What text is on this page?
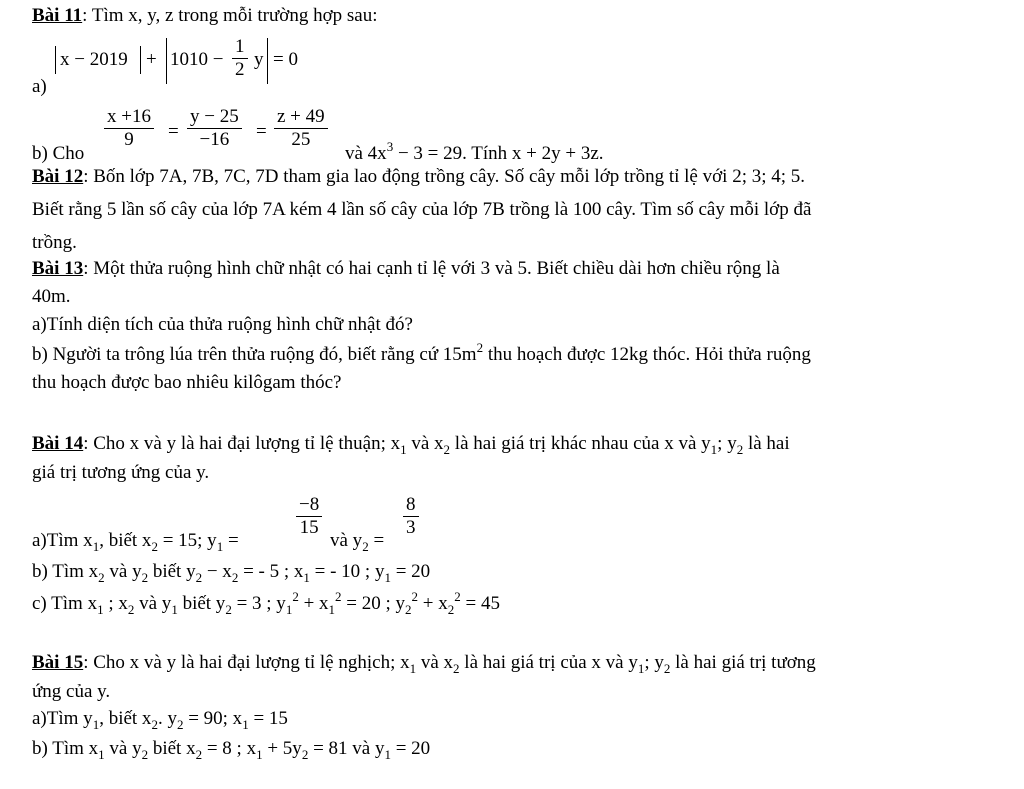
Bài 11: Tìm x, y, z trong mỗi trường hợp sau:
a)
$x - 2019 + 1010 - \frac{1}{2}$ y = 0
b) Cho
$\frac{x +16}{9} = \frac{y - 25}{-16} = \frac{z + 49}{25}$
và $4x^3 - 3 = 29$. Tính x + 2y + 3z.
Bài 12: Bốn lớp 7A, 7B, 7C, 7D tham gia lao động trồng cây. Số cây mỗi lớp trồng tỉ lệ với 2; 3; 4; 5.
Biết rằng 5 lần số cây của lớp 7A kém 4 lần số cây của lớp 7B trồng là 100 cây. Tìm số cây mỗi lớp đã
trồng.
Bài 13: Một thửa ruộng hình chữ nhật có hai cạnh tỉ lệ với 3 và 5. Biết chiều dài hơn chiều rộng là
40m.
a)Tính diện tích của thửa ruộng hình chữ nhật đó?
b) Người ta trông lúa trên thửa ruộng đó, biết rằng cứ $15m^2$ thu hoạch được 12kg thóc. Hỏi thửa ruộng
thu hoạch được bao nhiêu kilôgam thóc?
Bài 14: Cho x và y là hai đại lượng tỉ lệ thuận; $x_1$ và $x_2$ là hai giá trị khác nhau của x và $y_1$; $y_2$ là hai
giá trị tương ứng của y.
a)Tìm $x_1$, biết $x_2 = 15$; $y_1$ =
$\frac{-8}{15}$
và $y_2$ =
$\frac{8}{3}$
b) Tìm $x_2$ và $y_2$ biết $y_2 - x_2$ = - 5 ; $x_1$ = - 10 ; $y_1 = 20$
c) Tìm $x_1$ ; $x_2$ và $y_1$ biết $y_2 = 3$ ; $y_1^2 + x_1^2 = 20$ ; $y_2^2 + x_2^2 = 45$
Bài 15: Cho x và y là hai đại lượng tỉ lệ nghịch; $x_1$ và $x_2$ là hai giá trị của x và $y_1$; $y_2$ là hai giá trị tương
ứng của y.
a)Tìm $y_1$, biết $x_2$. $y_2 = 90$; $x_1 = 15$
b) Tìm $x_1$ và $y_2$ biết $x_2 = 8$ ; $x_1 + 5y_2 = 81$ và $y_1 = 20$
